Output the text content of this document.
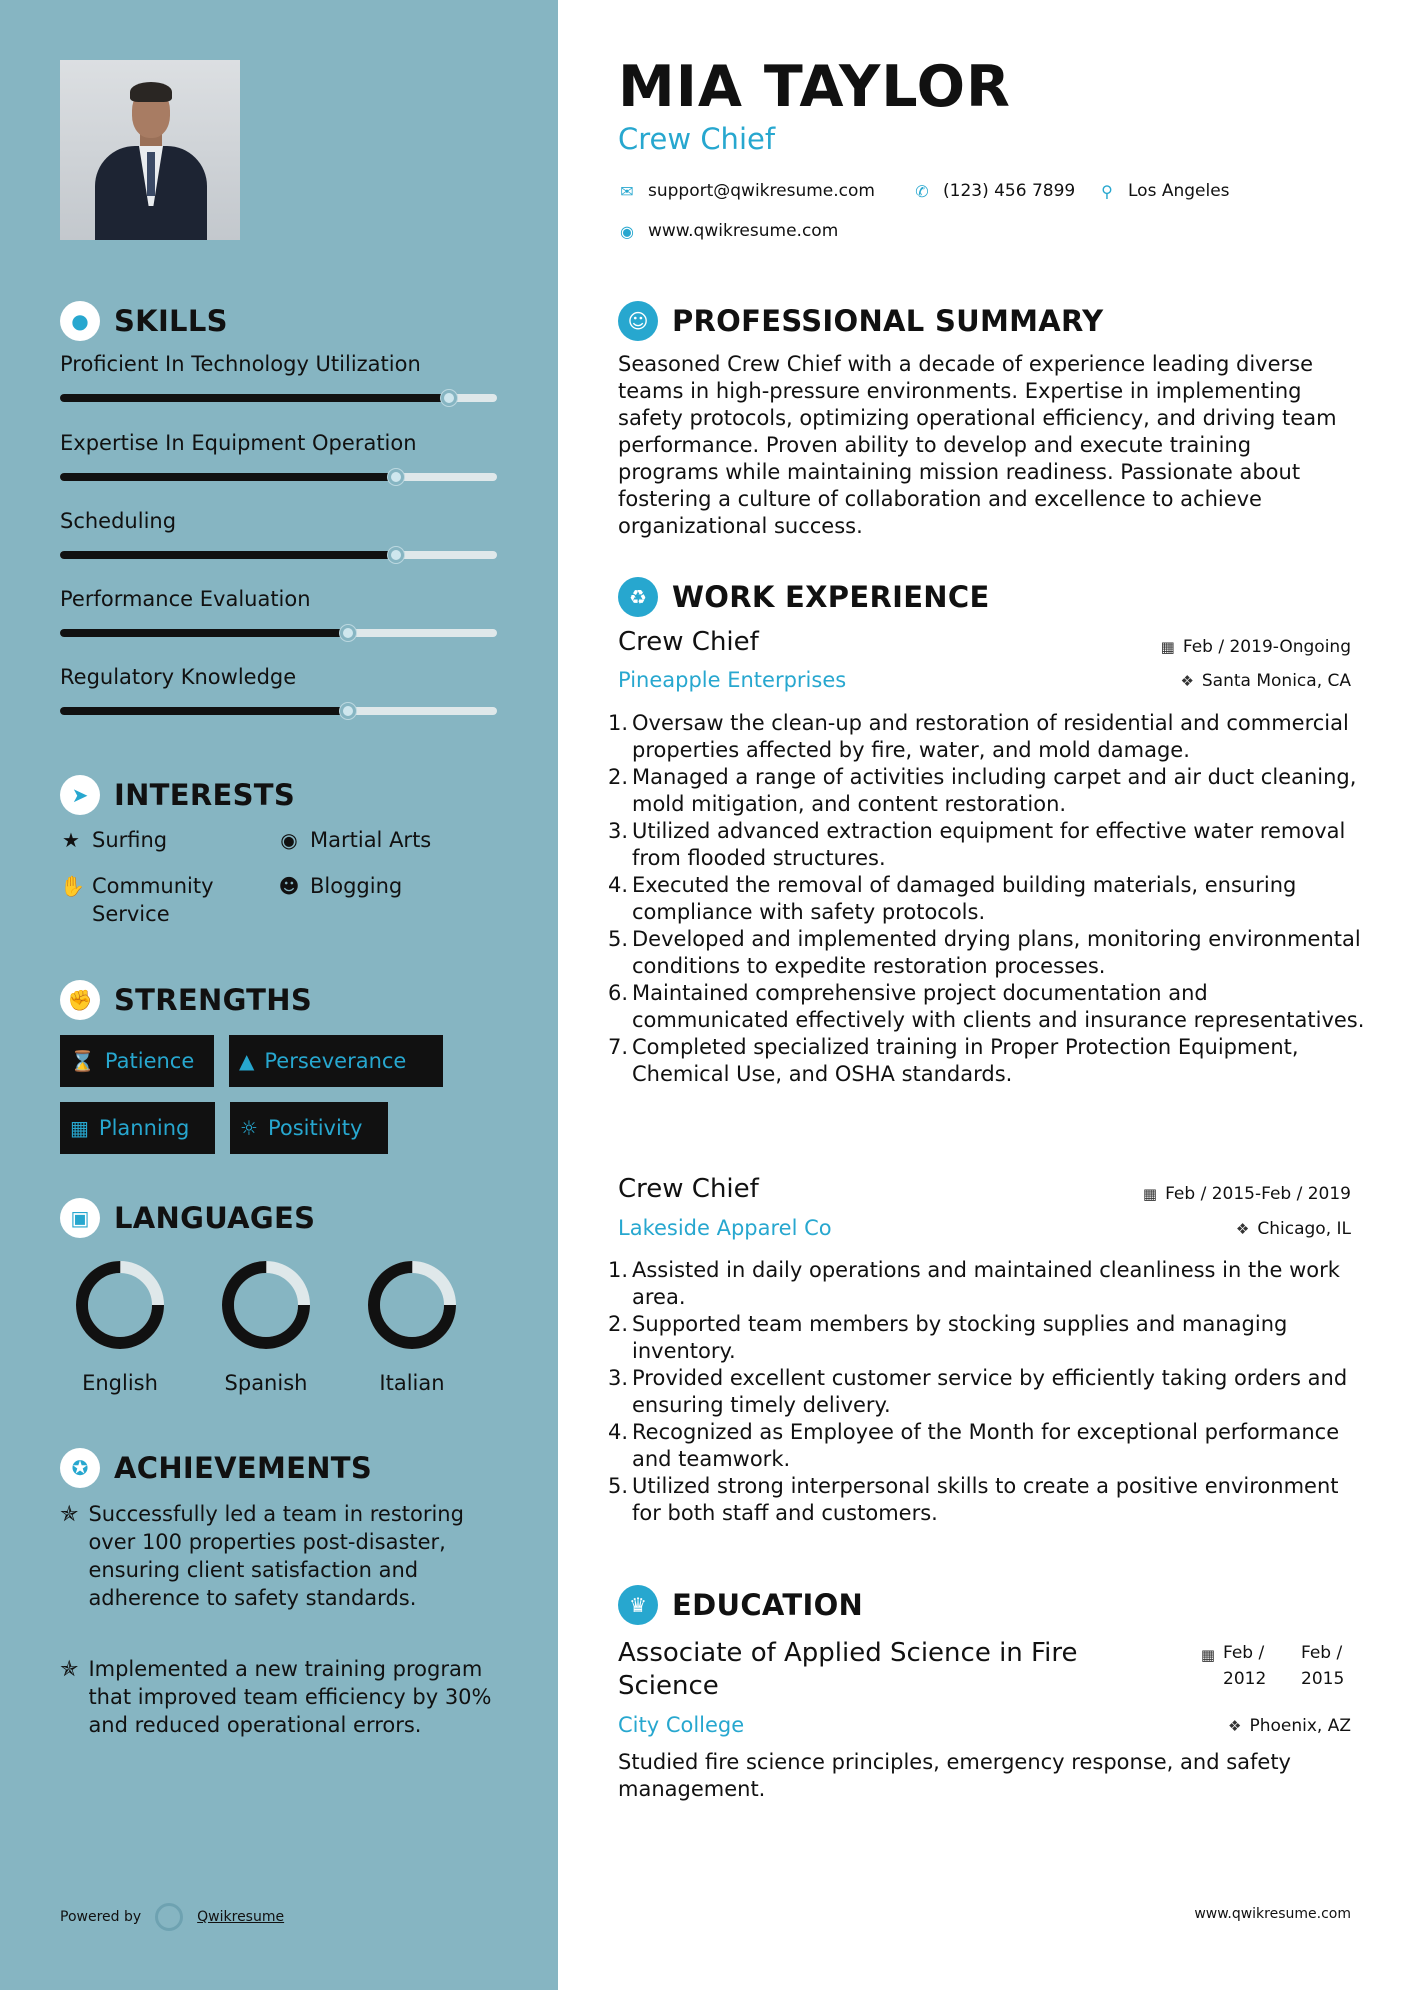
● SKILLS
Proficient In Technology Utilization
Expertise In Equipment Operation
Scheduling
Performance Evaluation
Regulatory Knowledge
➤ INTERESTS
★ Surfing	◉ Martial Arts
✋ Community Service
☻ Blogging
✊ STRENGTHS
⌛ Patience ▲ Perseverance
▦ Planning	☼ Positivity
▣ LANGUAGES
English	Spanish	Italian
✪ ACHIEVEMENTS
✯ Successfully led a team in restoring over 100 properties post-disaster, ensuring client satisfaction and adherence to safety standards.
✯ Implemented a new training program that improved team efficiency by 30% and reduced operational errors.
Powered by	Qwikresume
MIA TAYLOR
Crew Chief
✉ support@qwikresume.com	✆ (123) 456 7899 ⚲ Los Angeles
◉ www.qwikresume.com
☺ PROFESSIONAL SUMMARY
Seasoned Crew Chief with a decade of experience leading diverse teams in high-pressure environments. Expertise in implementing safety protocols, optimizing operational efficiency, and driving team performance. Proven ability to develop and execute training programs while maintaining mission readiness. Passionate about fostering a culture of collaboration and excellence to achieve organizational success.
♻ WORK EXPERIENCE
Crew Chief	▦ Feb / 2019-Ongoing
Pineapple Enterprises	❖ Santa Monica, CA
1. Oversaw the clean-up and restoration of residential and commercial properties affected by fire, water, and mold damage.
2. Managed a range of activities including carpet and air duct cleaning, mold mitigation, and content restoration.
3. Utilized advanced extraction equipment for effective water removal from flooded structures.
4. Executed the removal of damaged building materials, ensuring compliance with safety protocols.
5. Developed and implemented drying plans, monitoring environmental conditions to expedite restoration processes.
6. Maintained comprehensive project documentation and communicated effectively with clients and insurance representatives.
7. Completed specialized training in Proper Protection Equipment, Chemical Use, and OSHA standards.
Crew Chief	▦ Feb / 2015-Feb / 2019
Lakeside Apparel Co	❖ Chicago, IL
1. Assisted in daily operations and maintained cleanliness in the work area.
2. Supported team members by stocking supplies and managing inventory.
3. Provided excellent customer service by efficiently taking orders and ensuring timely delivery.
4. Recognized as Employee of the Month for exceptional performance and teamwork.
5. Utilized strong interpersonal skills to create a positive environment for both staff and customers.
♛ EDUCATION
Associate of Applied Science in Fire Science
▦ Feb / 2012
Feb / 2015
City College	❖ Phoenix, AZ
Studied fire science principles, emergency response, and safety management.
www.qwikresume.com
